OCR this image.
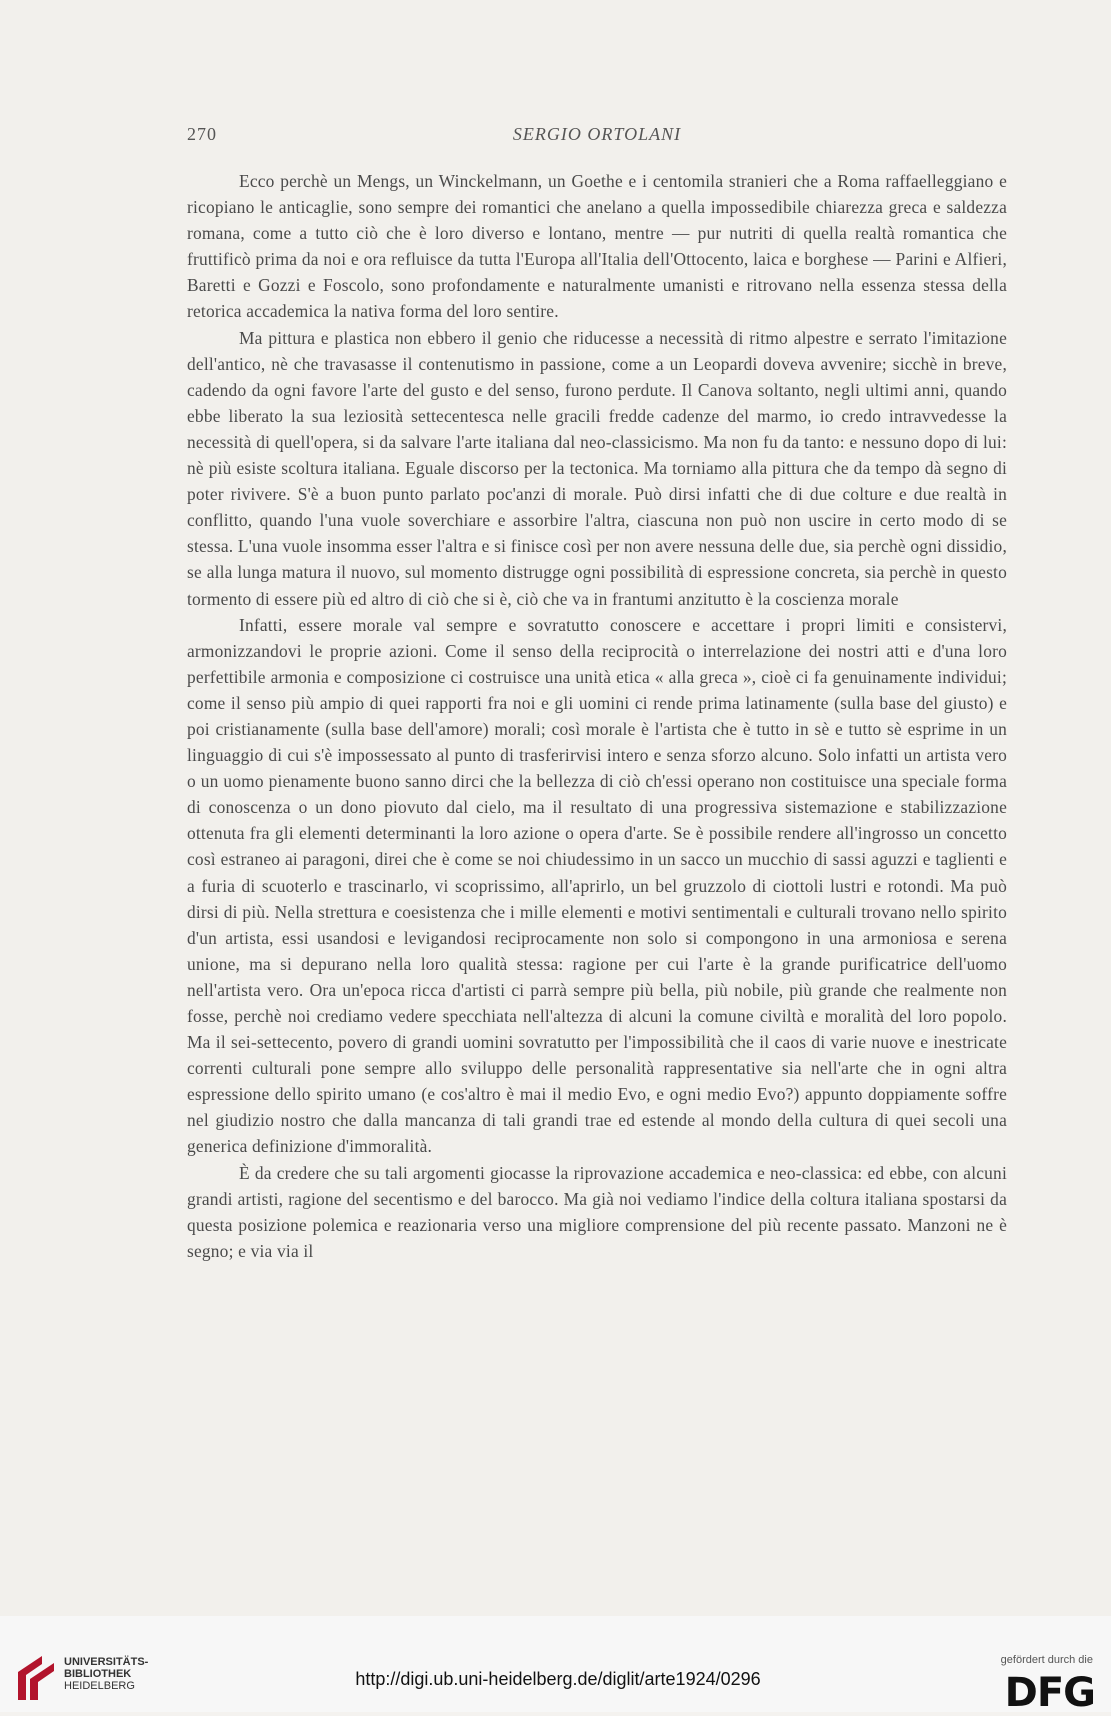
270	SERGIO ORTOLANI

Ecco perchè un Mengs, un Winckelmann, un Goethe e i centomila stranieri che a Roma raffaelleggiano e ricopiano le anticaglie, sono sempre dei romantici che anelano a quella impossedibile chiarezza greca e saldezza romana, come a tutto ciò che è loro diverso e lontano, mentre — pur nutriti di quella realtà romantica che fruttificò prima da noi e ora refluisce da tutta l'Europa all'Italia dell'Ottocento, laica e borghese — Parini e Alfieri, Baretti e Gozzi e Foscolo, sono profondamente e naturalmente umanisti e ritrovano nella essenza stessa della retorica accademica la nativa forma del loro sentire.

Ma pittura e plastica non ebbero il genio che riducesse a necessità di ritmo alpestre e serrato l'imitazione dell'antico, nè che travasasse il contenutismo in passione, come a un Leopardi doveva avvenire; sicchè in breve, cadendo da ogni favore l'arte del gusto e del senso, furono perdute. Il Canova soltanto, negli ultimi anni, quando ebbe liberato la sua leziosità settecentesca nelle gracili fredde cadenze del marmo, io credo intravvedesse la necessità di quell'opera, si da salvare l'arte italiana dal neo-classicismo. Ma non fu da tanto: e nessuno dopo di lui: nè più esiste scoltura italiana. Eguale discorso per la tectonica. Ma torniamo alla pittura che da tempo dà segno di poter rivivere. S'è a buon punto parlato poc'anzi di morale. Può dirsi infatti che di due colture e due realtà in conflitto, quando l'una vuole soverchiare e assorbire l'altra, ciascuna non può non uscire in certo modo di se stessa. L'una vuole insomma esser l'altra e si finisce così per non avere nessuna delle due, sia perchè ogni dissidio, se alla lunga matura il nuovo, sul momento distrugge ogni possibilità di espressione concreta, sia perchè in questo tormento di essere più ed altro di ciò che si è, ciò che va in frantumi anzitutto è la coscienza morale

Infatti, essere morale val sempre e sovratutto conoscere e accettare i propri limiti e consistervi, armonizzandovi le proprie azioni. Come il senso della reciprocità o interrelazione dei nostri atti e d'una loro perfettibile armonia e composizione ci costruisce una unità etica « alla greca », cioè ci fa genuinamente individui; come il senso più ampio di quei rapporti fra noi e gli uomini ci rende prima latinamente (sulla base del giusto) e poi cristianamente (sulla base dell'amore) morali; così morale è l'artista che è tutto in sè e tutto sè esprime in un linguaggio di cui s'è impossessato al punto di trasferirvisi intero e senza sforzo alcuno. Solo infatti un artista vero o un uomo pienamente buono sanno dirci che la bellezza di ciò ch'essi operano non costituisce una speciale forma di conoscenza o un dono piovuto dal cielo, ma il resultato di una progressiva sistemazione e stabilizzazione ottenuta fra gli elementi determinanti la loro azione o opera d'arte. Se è possibile rendere all'ingrosso un concetto così estraneo ai paragoni, direi che è come se noi chiudessimo in un sacco un mucchio di sassi aguzzi e taglienti e a furia di scuoterlo e trascinarlo, vi scoprissimo, all'aprirlo, un bel gruzzolo di ciottoli lustri e rotondi. Ma può dirsi di più. Nella strettura e coesistenza che i mille elementi e motivi sentimentali e culturali trovano nello spirito d'un artista, essi usandosi e levigandosi reciprocamente non solo si compongono in una armoniosa e serena unione, ma si depurano nella loro qualità stessa: ragione per cui l'arte è la grande purificatrice dell'uomo nell'artista vero. Ora un'epoca ricca d'artisti ci parrà sempre più bella, più nobile, più grande che realmente non fosse, perchè noi crediamo vedere specchiata nell'altezza di alcuni la comune civiltà e moralità del loro popolo. Ma il sei-settecento, povero di grandi uomini sovratutto per l'impossibilità che il caos di varie nuove e inestricate correnti culturali pone sempre allo sviluppo delle personalità rappresentative sia nell'arte che in ogni altra espressione dello spirito umano (e cos'altro è mai il medio Evo, e ogni medio Evo?) appunto doppiamente soffre nel giudizio nostro che dalla mancanza di tali grandi trae ed estende al mondo della cultura di quei secoli una generica definizione d'immoralità.

È da credere che su tali argomenti giocasse la riprovazione accademica e neo-classica: ed ebbe, con alcuni grandi artisti, ragione del secentismo e del barocco. Ma già noi vediamo l'indice della coltura italiana spostarsi da questa posizione polemica e reazionaria verso una migliore comprensione del più recente passato. Manzoni ne è segno; e via via il

UNIVERSITÄTS-
BIBLIOTHEK
HEIDELBERG	http://digi.ub.uni-heidelberg.de/diglit/arte1924/0296
gefördert durch die
DFG
